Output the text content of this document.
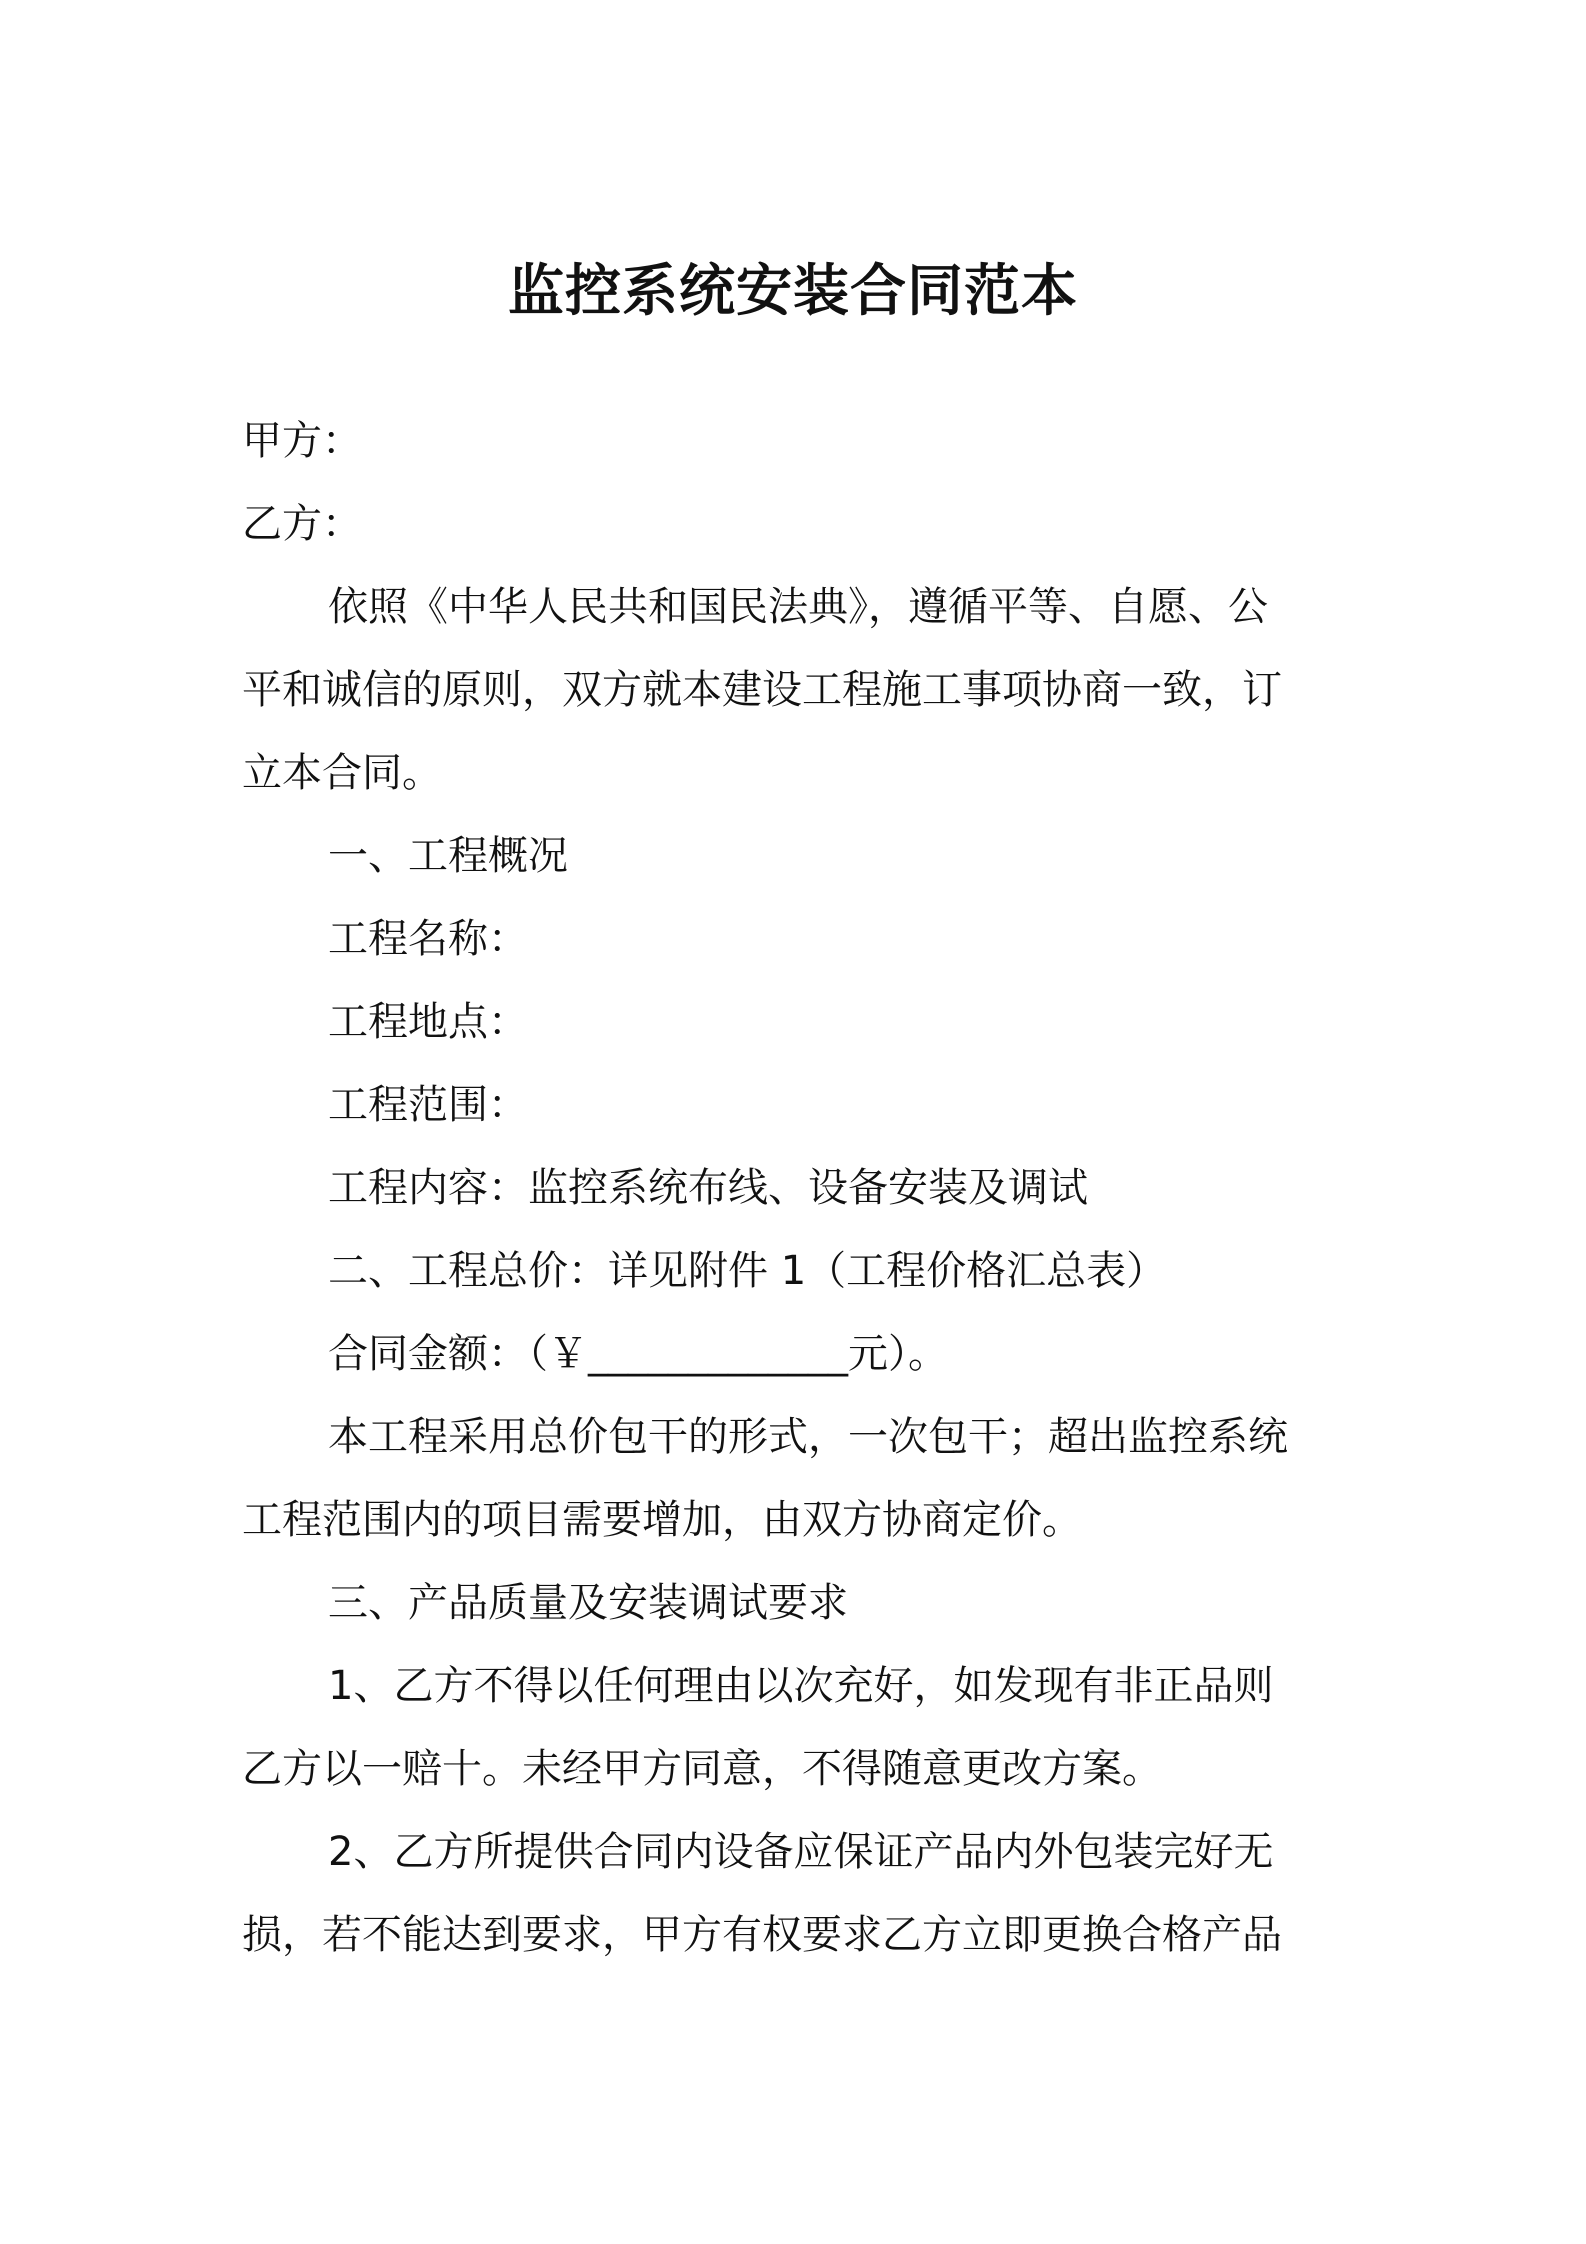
监控系统安装合同范本
甲方：
乙方：
依照《中华人民共和国民法典》，遵循平等、自愿、公
平和诚信的原则，双方就本建设工程施工事项协商一致，订
立本合同。
一、工程概况
工程名称：
工程地点：
工程范围：
工程内容：监控系统布线、设备安装及调试
二、工程总价：详见附件 1（工程价格汇总表）
合同金额：（￥_____________元）。
本工程采用总价包干的形式，一次包干；超出监控系统
工程范围内的项目需要增加，由双方协商定价。
三、产品质量及安装调试要求
1、乙方不得以任何理由以次充好，如发现有非正品则
乙方以一赔十。未经甲方同意，不得随意更改方案。
2、乙方所提供合同内设备应保证产品内外包装完好无
损，若不能达到要求，甲方有权要求乙方立即更换合格产品
